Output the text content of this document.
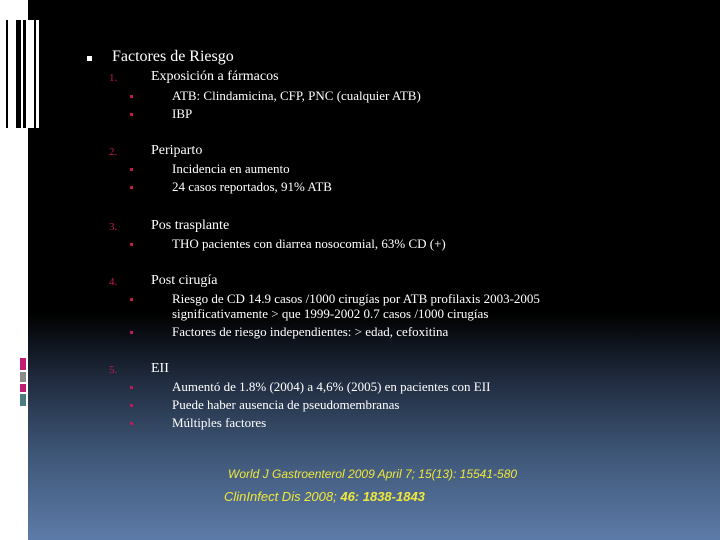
Factores de Riesgo
1. Exposición a fármacos
ATB: Clindamicina, CFP, PNC (cualquier ATB)
IBP
2. Periparto
Incidencia en aumento
24 casos reportados, 91% ATB
3. Pos trasplante
THO pacientes con diarrea nosocomial, 63% CD (+)
4. Post cirugía
Riesgo de CD 14.9 casos /1000 cirugías por ATB profilaxis 2003-2005
significativamente > que 1999-2002 0.7 casos /1000 cirugías
Factores de riesgo independientes: > edad, cefoxitina
5. EII
Aumentó de 1.8% (2004) a 4,6% (2005) en pacientes con EII
Puede haber ausencia de pseudomembranas
Múltiples factores
World J Gastroenterol 2009 April 7; 15(13): 15541-580
ClinInfect Dis 2008; 46: 1838-1843
